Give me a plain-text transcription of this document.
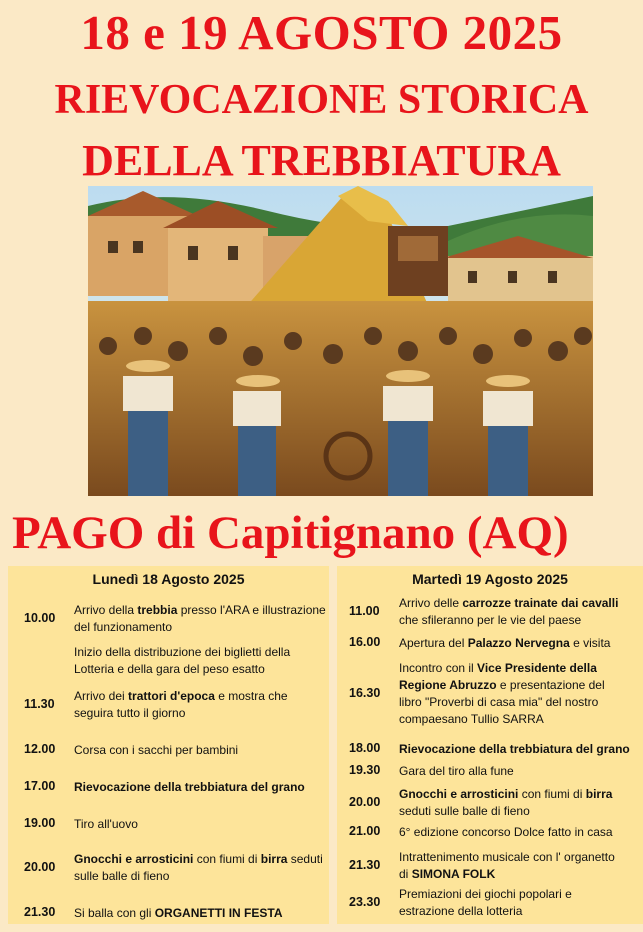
18 e 19 AGOSTO 2025
RIEVOCAZIONE STORICA
DELLA TREBBIATURA
PAGO di Capitignano (AQ)
Lunedì 18 Agosto 2025
10.00
Arrivo della trebbia presso l'ARA e illustrazione del funzionamento
Inizio della distribuzione dei biglietti della Lotteria e della gara del peso esatto
11.30
Arrivo dei trattori d'epoca e mostra che seguira tutto il giorno
12.00 Corsa con i sacchi per bambini
17.00 Rievocazione della trebbiatura del grano
19.00 Tiro all'uovo
20.00
Gnocchi e arrosticini con fiumi di birra seduti sulle balle di fieno
21.30 Si balla con gli ORGANETTI IN FESTA
Martedì 19 Agosto 2025
11.00
Arrivo delle carrozze trainate dai cavalli
che sfileranno per le vie del paese
16.00 Apertura del Palazzo Nervegna e visita
16.30
Incontro con il Vice Presidente della
Regione Abruzzo e presentazione del
libro "Proverbi di casa mia" del nostro
compaesano Tullio SARRA
18.00 Rievocazione della trebbiatura del grano
19.30 Gara del tiro alla fune
20.00
Gnocchi e arrosticini con fiumi di birra
seduti sulle balle di fieno
21.00 6° edizione concorso Dolce fatto in casa
21.30
Intrattenimento musicale con l' organetto
di SIMONA FOLK
23.30
Premiazioni dei giochi popolari e
estrazione della lotteria
